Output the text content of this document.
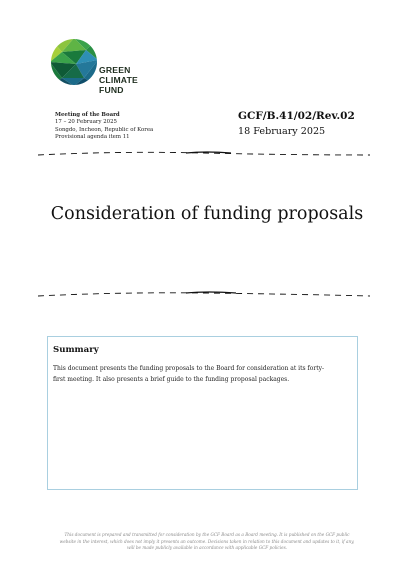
GREEN
CLIMATE
FUND
Meeting of the Board
17 – 20 February 2025
Songdo, Incheon, Republic of Korea
Provisional agenda item 11
GCF/B.41/02/Rev.02
18 February 2025
Consideration of funding proposals
Summary
This document presents the funding proposals to the Board for consideration at its forty-
first meeting. It also presents a brief guide to the funding proposal packages.
This document is prepared and transmitted for consideration by the GCF Board as a Board meeting. It is published on the GCF public
website in the interest, which does not imply it presents an outcome. Decisions taken in relation to this document and updates to it, if any,
will be made publicly available in accordance with applicable GCF policies.
